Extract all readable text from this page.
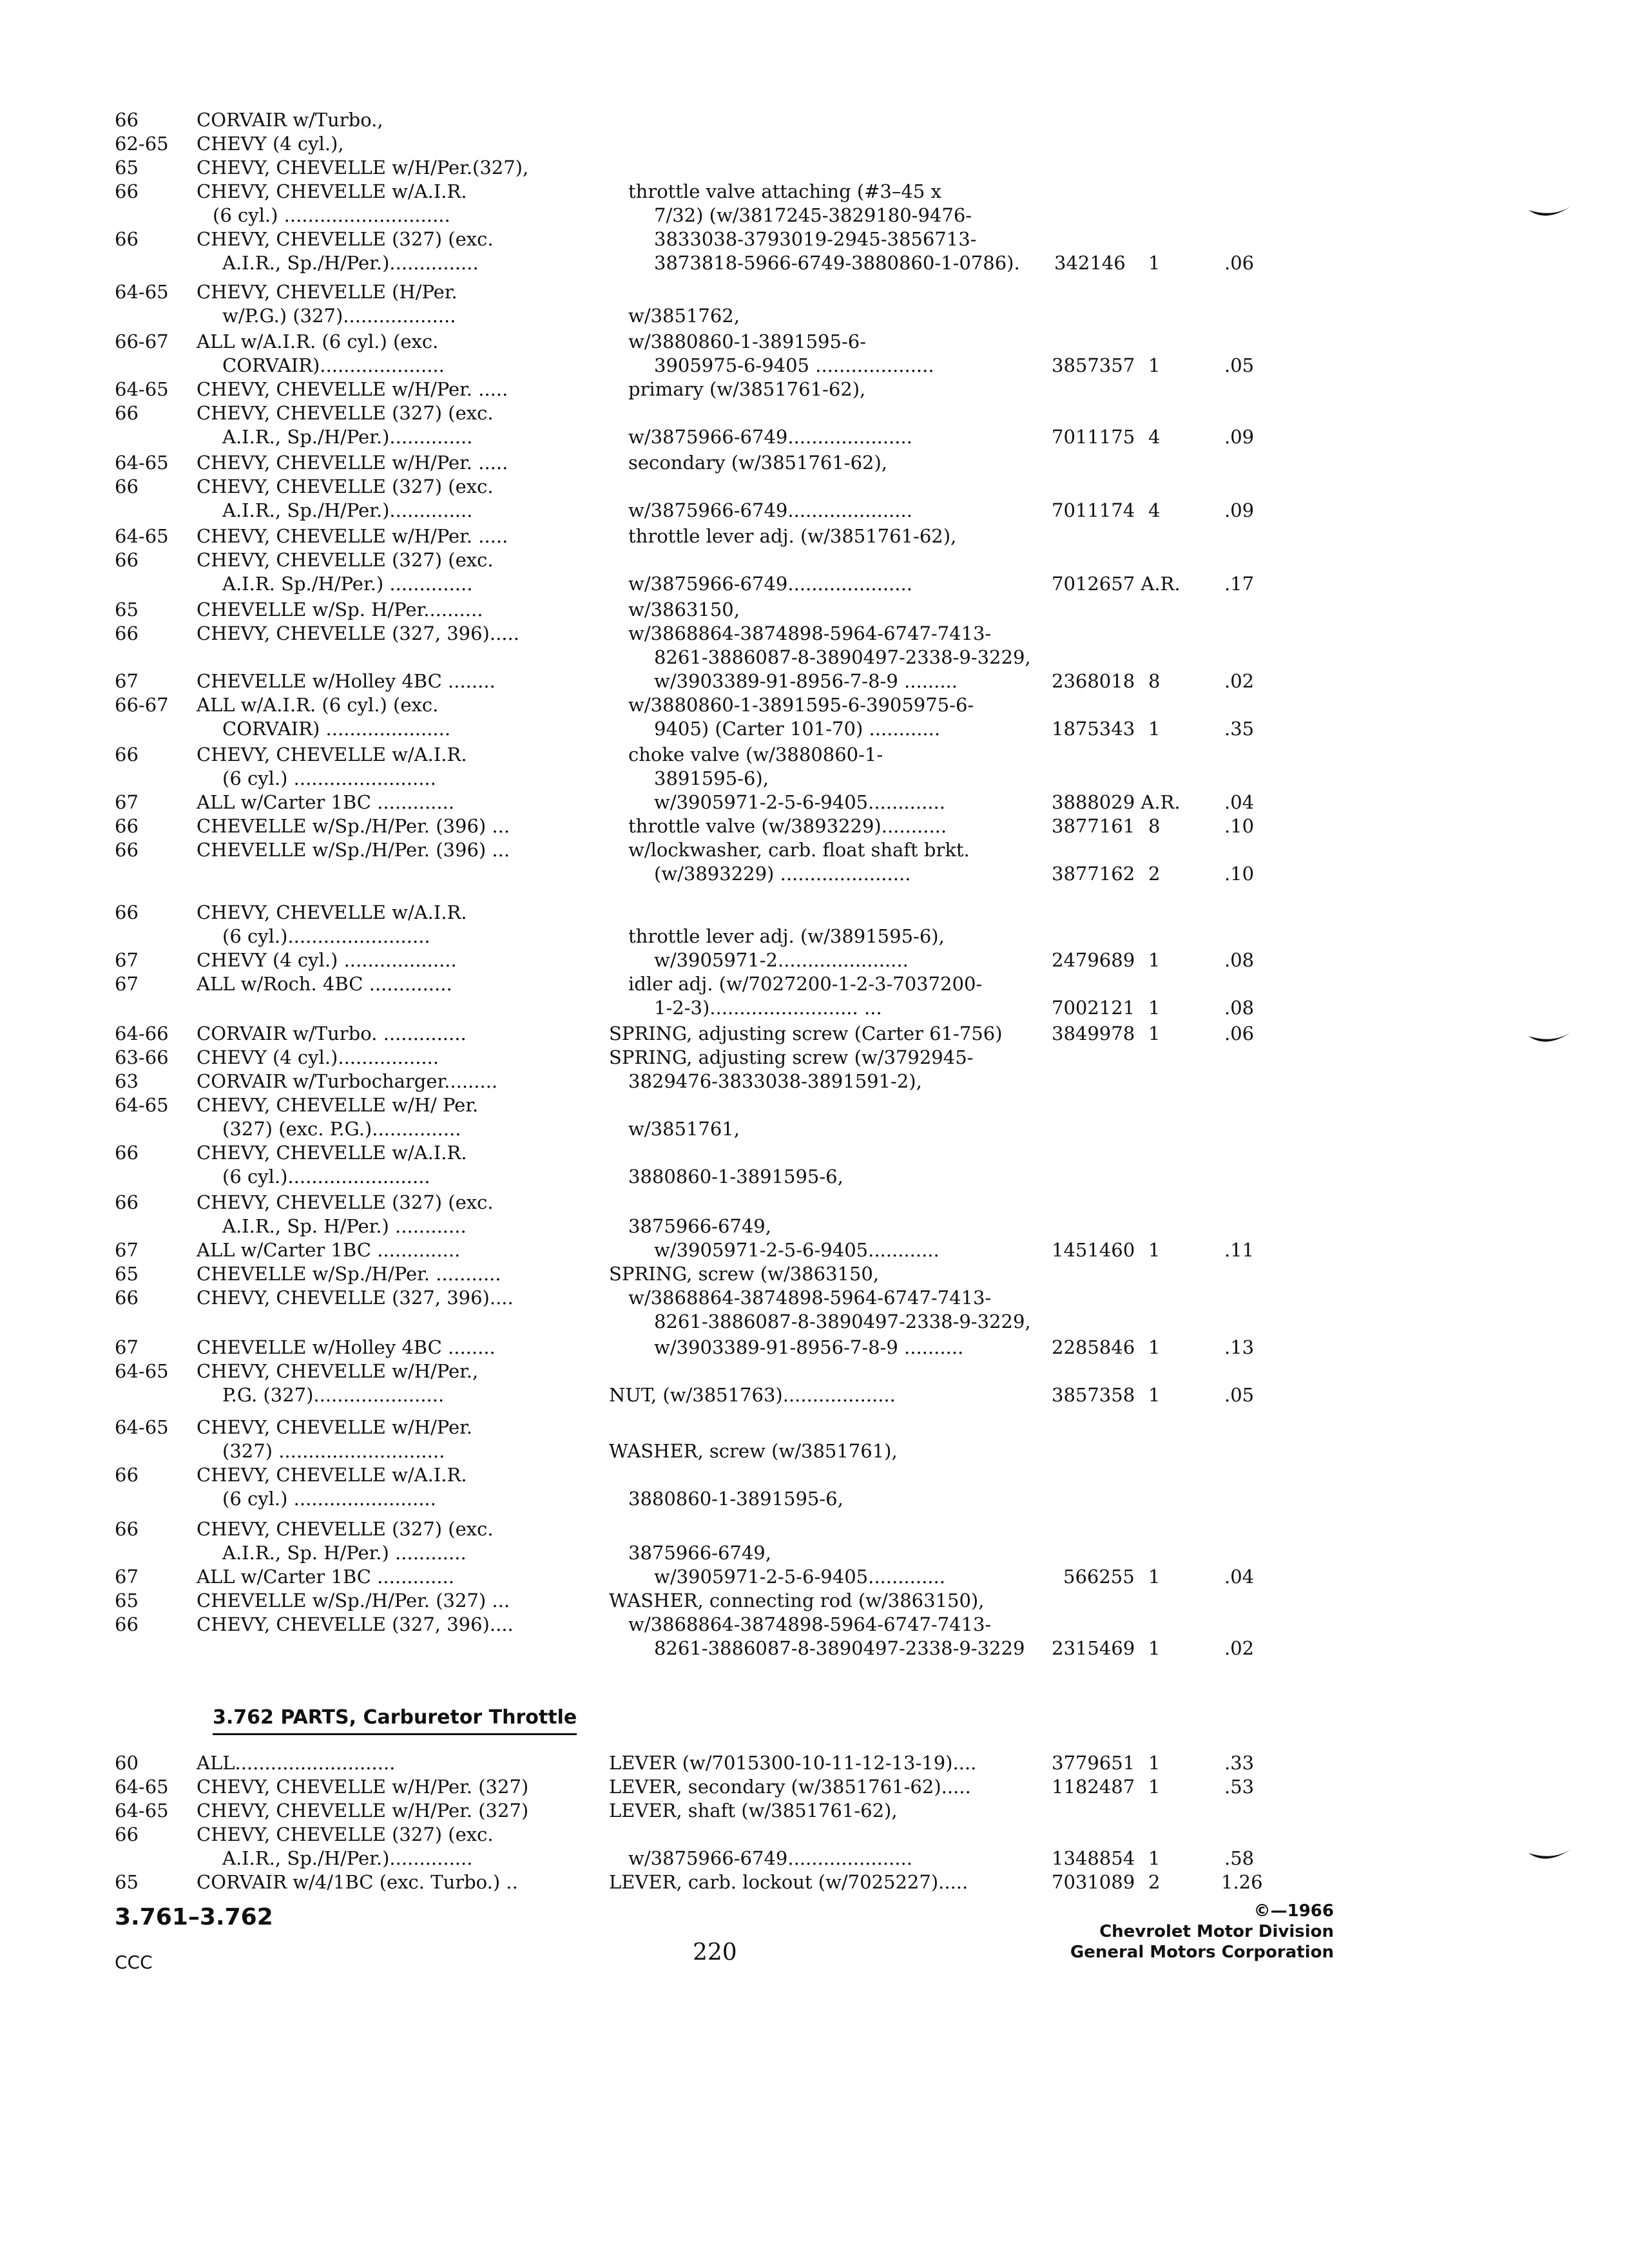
66	CORVAIR w/Turbo.,
62-65 CHEVY (4 cyl.),
65	CHEVY, CHEVELLE w/H/Per.(327),
66	CHEVY, CHEVELLE w/A.I.R.	throttle valve attaching (#3–45 x
(6 cyl.) ............................	7/32) (w/3817245-3829180-9476-
66	CHEVY, CHEVELLE (327) (exc.	3833038-3793019-2945-3856713-
A.I.R., Sp./H/Per.)...............	3873818-5966-6749-3880860-1-0786). 342146 1	.06
64-65 CHEVY, CHEVELLE (H/Per.
w/P.G.) (327)...................	w/3851762,
66-67 ALL w/A.I.R. (6 cyl.) (exc.	w/3880860-1-3891595-6-
CORVAIR).....................	3905975-6-9405 ....................	3857357 1	.05
64-65 CHEVY, CHEVELLE w/H/Per. .....	primary (w/3851761-62),
66	CHEVY, CHEVELLE (327) (exc.
A.I.R., Sp./H/Per.)..............	w/3875966-6749.....................	7011175 4	.09
64-65 CHEVY, CHEVELLE w/H/Per. .....	secondary (w/3851761-62),
66	CHEVY, CHEVELLE (327) (exc.
A.I.R., Sp./H/Per.)..............	w/3875966-6749.....................	7011174 4	.09
64-65 CHEVY, CHEVELLE w/H/Per. .....	throttle lever adj. (w/3851761-62),
66	CHEVY, CHEVELLE (327) (exc.
A.I.R. Sp./H/Per.) ..............	w/3875966-6749.....................	7012657 A.R. .17
65	CHEVELLE w/Sp. H/Per..........	w/3863150,
66	CHEVY, CHEVELLE (327, 396).....	w/3868864-3874898-5964-6747-7413-
8261-3886087-8-3890497-2338-9-3229,
67	CHEVELLE w/Holley 4BC ........	w/3903389-91-8956-7-8-9 .........	2368018 8	.02
66-67 ALL w/A.I.R. (6 cyl.) (exc.	w/3880860-1-3891595-6-3905975-6-
CORVAIR) .....................	9405) (Carter 101-70) ............	1875343 1	.35
66	CHEVY, CHEVELLE w/A.I.R.	choke valve (w/3880860-1-
(6 cyl.) ........................	3891595-6),
67	ALL w/Carter 1BC .............	w/3905971-2-5-6-9405.............	3888029 A.R. .04
66	CHEVELLE w/Sp./H/Per. (396) ...	throttle valve (w/3893229)...........	3877161 8	.10
66	CHEVELLE w/Sp./H/Per. (396) ...	w/lockwasher, carb. float shaft brkt.
(w/3893229) ......................	3877162 2	.10
66	CHEVY, CHEVELLE w/A.I.R.
(6 cyl.)........................	throttle lever adj. (w/3891595-6),
67	CHEVY (4 cyl.) ...................	w/3905971-2......................	2479689 1	.08
67	ALL w/Roch. 4BC ..............	idler adj. (w/7027200-1-2-3-7037200-
1-2-3)......................... ...	7002121 1	.08
64-66 CORVAIR w/Turbo. ..............	SPRING, adjusting screw (Carter 61-756)	3849978 1	.06
63-66 CHEVY (4 cyl.).................	SPRING, adjusting screw (w/3792945-
63	CORVAIR w/Turbocharger.........	3829476-3833038-3891591-2),
64-65 CHEVY, CHEVELLE w/H/ Per.
(327) (exc. P.G.)...............	w/3851761,
66	CHEVY, CHEVELLE w/A.I.R.
(6 cyl.)........................	3880860-1-3891595-6,
66	CHEVY, CHEVELLE (327) (exc.
A.I.R., Sp. H/Per.) ............	3875966-6749,
67	ALL w/Carter 1BC ..............	w/3905971-2-5-6-9405............	1451460 1	.11
65	CHEVELLE w/Sp./H/Per. ...........	SPRING, screw (w/3863150,
66	CHEVY, CHEVELLE (327, 396)....	w/3868864-3874898-5964-6747-7413-
8261-3886087-8-3890497-2338-9-3229,
67	CHEVELLE w/Holley 4BC ........	w/3903389-91-8956-7-8-9 ..........	2285846 1	.13
64-65 CHEVY, CHEVELLE w/H/Per.,
P.G. (327)......................	NUT, (w/3851763)...................	3857358 1	.05
64-65 CHEVY, CHEVELLE w/H/Per.
(327) ............................	WASHER, screw (w/3851761),
66	CHEVY, CHEVELLE w/A.I.R.
(6 cyl.) ........................	3880860-1-3891595-6,
66	CHEVY, CHEVELLE (327) (exc.
A.I.R., Sp. H/Per.) ............	3875966-6749,
67	ALL w/Carter 1BC .............	w/3905971-2-5-6-9405.............	566255 1	.04
65	CHEVELLE w/Sp./H/Per. (327) ...	WASHER, connecting rod (w/3863150),
66	CHEVY, CHEVELLE (327, 396)....	w/3868864-3874898-5964-6747-7413-
8261-3886087-8-3890497-2338-9-3229 2315469 1	.02
60	ALL...........................	LEVER (w/7015300-10-11-12-13-19)....	3779651 1	.33
64-65 CHEVY, CHEVELLE w/H/Per. (327)	LEVER, secondary (w/3851761-62).....	1182487 1	.53
64-65 CHEVY, CHEVELLE w/H/Per. (327)	LEVER, shaft (w/3851761-62),
66	CHEVY, CHEVELLE (327) (exc.
A.I.R., Sp./H/Per.)..............	w/3875966-6749.....................	1348854 1	.58
65	CORVAIR w/4/1BC (exc. Turbo.) ..	LEVER, carb. lockout (w/7025227).....	7031089 2	1.26
3.762 PARTS, Carburetor Throttle
3.761–3.762
CCC	220
©—1966
Chevrolet Motor Division
General Motors Corporation
